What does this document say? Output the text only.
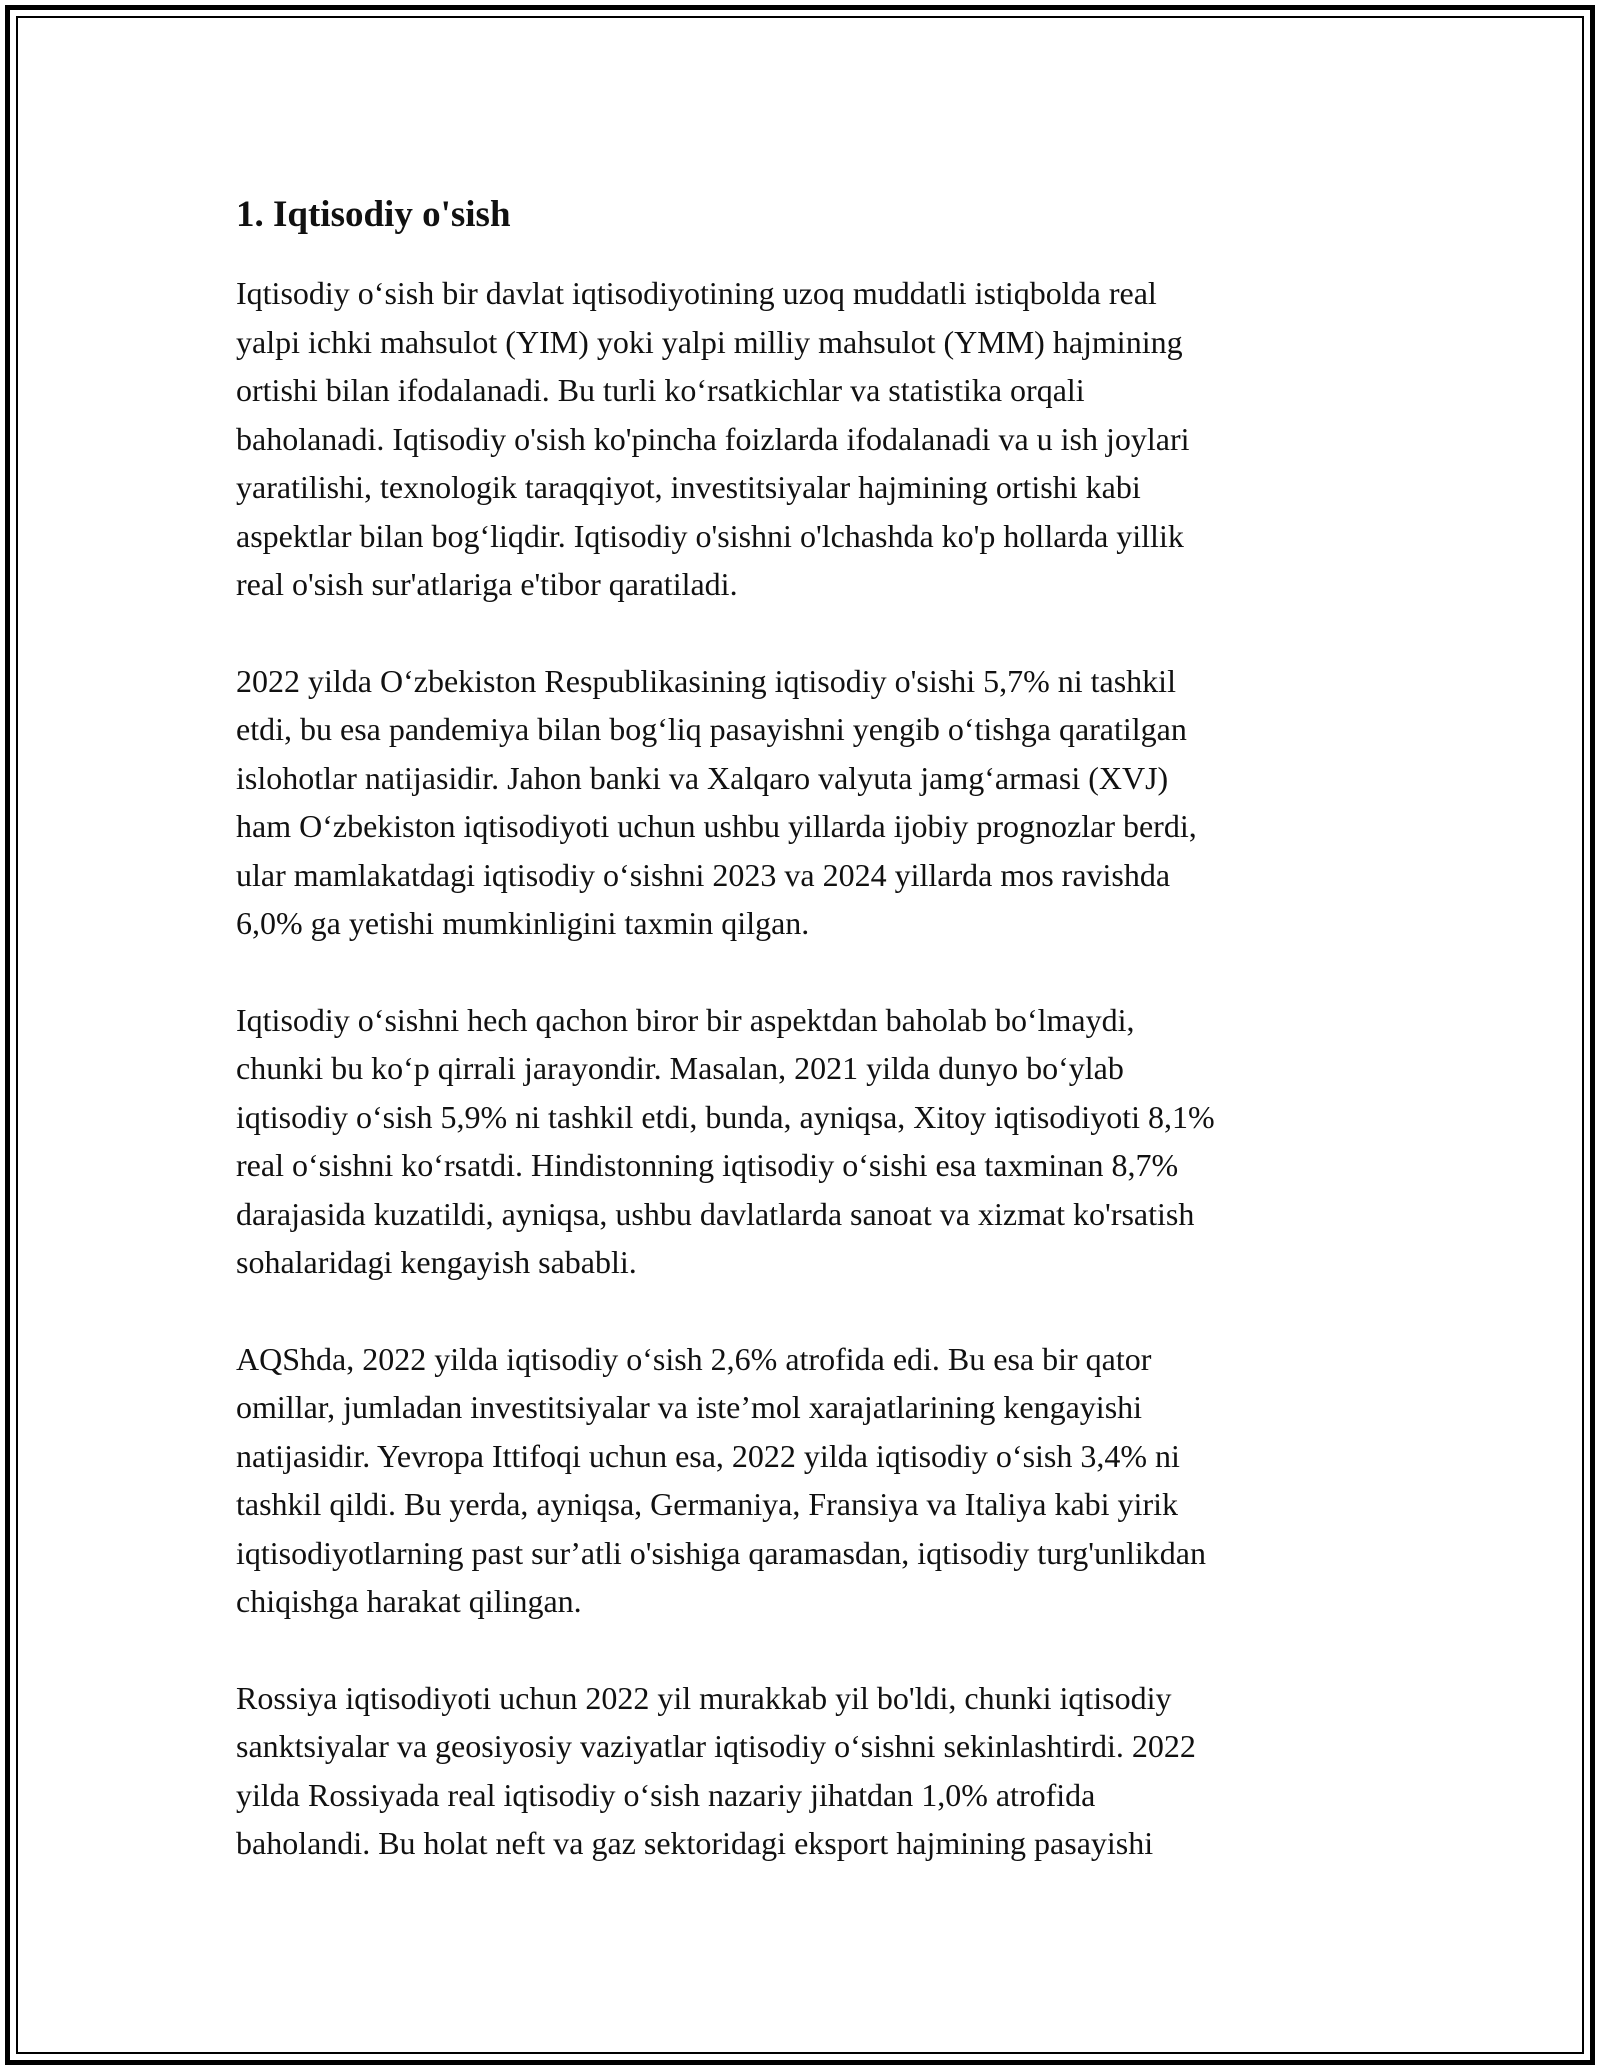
1. Iqtisodiy o'sish

Iqtisodiy oʻsish bir davlat iqtisodiyotining uzoq muddatli istiqbolda real
yalpi ichki mahsulot (YIM) yoki yalpi milliy mahsulot (YMM) hajmining
ortishi bilan ifodalanadi. Bu turli koʻrsatkichlar va statistika orqali
baholanadi. Iqtisodiy o'sish ko'pincha foizlarda ifodalanadi va u ish joylari
yaratilishi, texnologik taraqqiyot, investitsiyalar hajmining ortishi kabi
aspektlar bilan bogʻliqdir. Iqtisodiy o'sishni o'lchashda ko'p hollarda yillik
real o'sish sur'atlariga e'tibor qaratiladi.

2022 yilda Oʻzbekiston Respublikasining iqtisodiy o'sishi 5,7% ni tashkil
etdi, bu esa pandemiya bilan bogʻliq pasayishni yengib oʻtishga qaratilgan
islohotlar natijasidir. Jahon banki va Xalqaro valyuta jamgʻarmasi (XVJ)
ham Oʻzbekiston iqtisodiyoti uchun ushbu yillarda ijobiy prognozlar berdi,
ular mamlakatdagi iqtisodiy oʻsishni 2023 va 2024 yillarda mos ravishda
6,0% ga yetishi mumkinligini taxmin qilgan.

Iqtisodiy oʻsishni hech qachon biror bir aspektdan baholab boʻlmaydi,
chunki bu koʻp qirrali jarayondir. Masalan, 2021 yilda dunyo boʻylab
iqtisodiy oʻsish 5,9% ni tashkil etdi, bunda, ayniqsa, Xitoy iqtisodiyoti 8,1%
real oʻsishni koʻrsatdi. Hindistonning iqtisodiy oʻsishi esa taxminan 8,7%
darajasida kuzatildi, ayniqsa, ushbu davlatlarda sanoat va xizmat ko'rsatish
sohalaridagi kengayish sababli.

AQShda, 2022 yilda iqtisodiy oʻsish 2,6% atrofida edi. Bu esa bir qator
omillar, jumladan investitsiyalar va isteʼmol xarajatlarining kengayishi
natijasidir. Yevropa Ittifoqi uchun esa, 2022 yilda iqtisodiy oʻsish 3,4% ni
tashkil qildi. Bu yerda, ayniqsa, Germaniya, Fransiya va Italiya kabi yirik
iqtisodiyotlarning past surʼatli o'sishiga qaramasdan, iqtisodiy turg'unlikdan
chiqishga harakat qilingan.

Rossiya iqtisodiyoti uchun 2022 yil murakkab yil bo'ldi, chunki iqtisodiy
sanktsiyalar va geosiyosiy vaziyatlar iqtisodiy oʻsishni sekinlashtirdi. 2022
yilda Rossiyada real iqtisodiy oʻsish nazariy jihatdan 1,0% atrofida
baholandi. Bu holat neft va gaz sektoridagi eksport hajmining pasayishi
